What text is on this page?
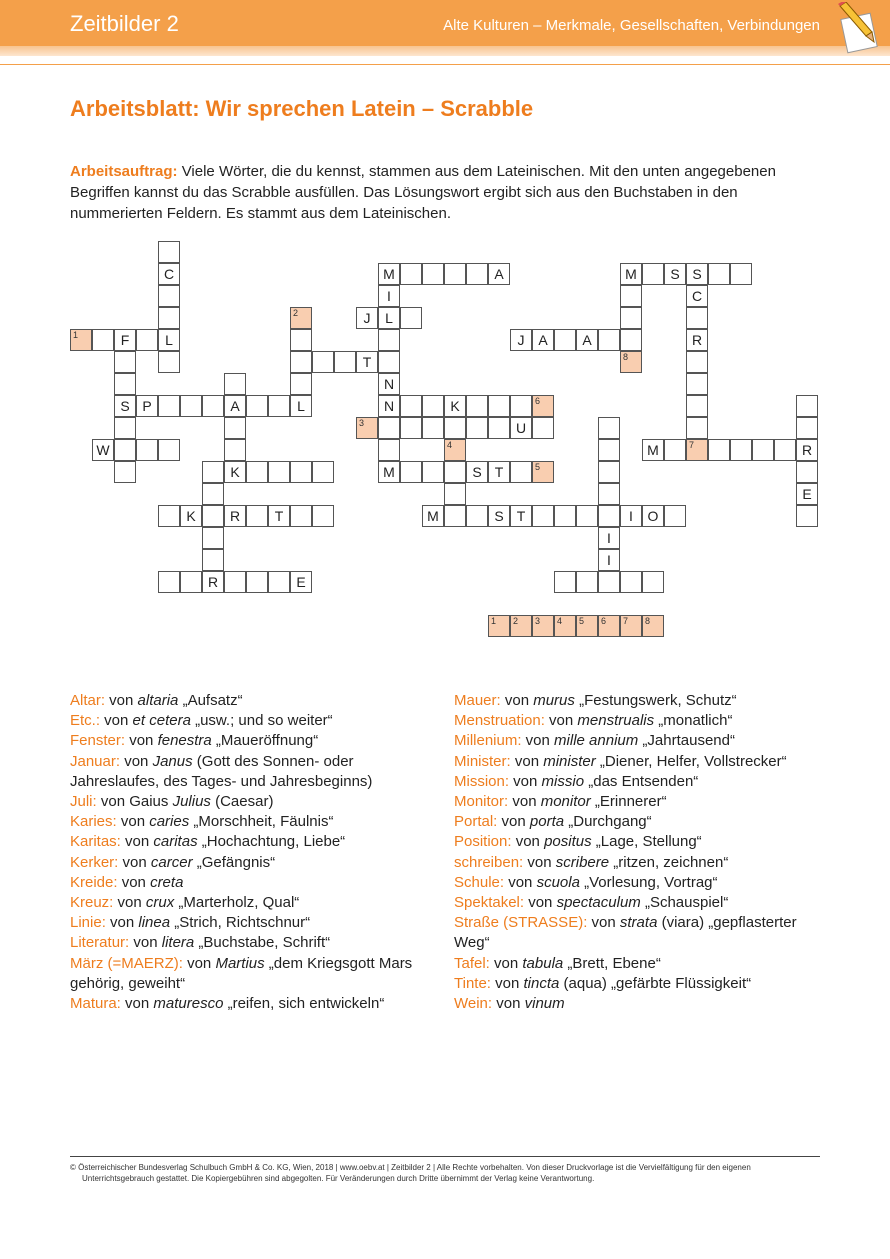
Zeitbilder 2	Alte Kulturen – Merkmale, Gesellschaften, Verbindungen
Arbeitsblatt: Wir sprechen Latein – Scrabble
Arbeitsauftrag: Viele Wörter, die du kennst, stammen aus dem Lateinischen. Mit den unten angegebenen Begriffen kannst du das Scrabble ausfüllen. Das Lösungswort ergibt sich aus den Buchstaben in den nummerierten Feldern. Es stammt aus dem Lateinischen.
C	M	A	M	S S
I	C
2	J	L
1	F	L	J A	A	R
T	8
N
S P	A	L	N	K	6
3	U
W	4	M	7	R
K	M	S T	5
E
K	R	T	M	S T	I	O
I
I
R	E
1 2 3 4 5 6 7 8
Altar: von altaria „Aufsatz“
Etc.: von et cetera „usw.; und so weiter“
Fenster: von fenestra „Maueröffnung“
Januar: von Janus (Gott des Sonnen- oder Jahreslaufes, des Tages- und Jahresbeginns)
Juli: von Gaius Julius (Caesar)
Karies: von caries „Morschheit, Fäulnis“
Karitas: von caritas „Hochachtung, Liebe“
Kerker: von carcer „Gefängnis“
Kreide: von creta
Kreuz: von crux „Marterholz, Qual“
Linie: von linea „Strich, Richtschnur“
Literatur: von litera „Buchstabe, Schrift“
März (=MAERZ): von Martius „dem Kriegsgott Mars gehörig, geweiht“
Matura: von maturesco „reifen, sich entwickeln“
Mauer: von murus „Festungswerk, Schutz“
Menstruation: von menstrualis „monatlich“
Millenium: von mille annium „Jahrtausend“
Minister: von minister „Diener, Helfer, Vollstrecker“
Mission: von missio „das Entsenden“
Monitor: von monitor „Erinnerer“
Portal: von porta „Durchgang“
Position: von positus „Lage, Stellung“
schreiben: von scribere „ritzen, zeichnen“
Schule: von scuola „Vorlesung, Vortrag“
Spektakel: von spectaculum „Schauspiel“
Straße (STRASSE): von strata (viara) „gepflasterter Weg“
Tafel: von tabula „Brett, Ebene“
Tinte: von tincta (aqua) „gefärbte Flüssigkeit“
Wein: von vinum
© Österreichischer Bundesverlag Schulbuch GmbH & Co. KG, Wien, 2018 | www.oebv.at | Zeitbilder 2 | Alle Rechte vorbehalten. Von dieser Druckvorlage ist die Vervielfältigung für den eigenen
Unterrichtsgebrauch gestattet. Die Kopiergebühren sind abgegolten. Für Veränderungen durch Dritte übernimmt der Verlag keine Verantwortung.
